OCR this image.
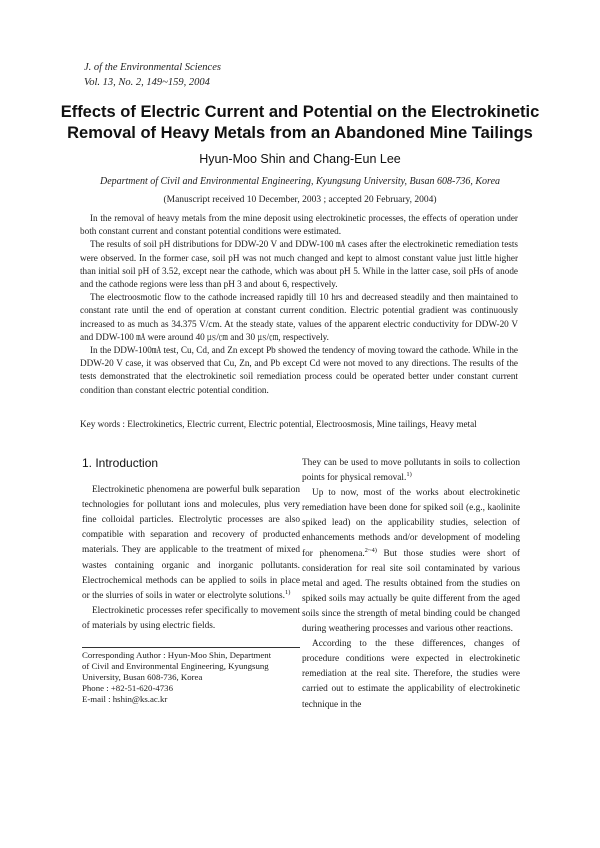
J. of the Environmental Sciences
Vol. 13, No. 2, 149~159, 2004
Effects of Electric Current and Potential on the Electrokinetic
Removal of Heavy Metals from an Abandoned Mine Tailings
Hyun-Moo Shin and Chang-Eun Lee
Department of Civil and Environmental Engineering, Kyungsung University, Busan 608-736, Korea
(Manuscript received 10 December, 2003 ; accepted 20 February, 2004)

In the removal of heavy metals from the mine deposit using electrokinetic processes, the effects of operation under both constant current and constant potential conditions were estimated.

The results of soil pH distributions for DDW-20 V and DDW-100 ㎃ cases after the electrokinetic remediation tests were observed. In the former case, soil pH was not much changed and kept to almost constant value just little higher than initial soil pH of 3.52, except near the cathode, which was about pH 5. While in the latter case, soil pHs of anode and the cathode regions were less than pH 3 and about 6, respectively.

The electroosmotic flow to the cathode increased rapidly till 10 hrs and decreased steadily and then maintained to constant rate until the end of operation at constant current condition. Electric potential gradient was continuously increased to as much as 34.375 V/cm. At the steady state, values of the apparent electric conductivity for DDW-20 V and DDW-100 ㎃ were around 40 ㎲/㎝ and 30 ㎲/㎝, respectively.

In the DDW-100㎃ test, Cu, Cd, and Zn except Pb showed the tendency of moving toward the cathode. While in the DDW-20 V case, it was observed that Cu, Zn, and Pb except Cd were not moved to any directions. The results of the tests demonstrated that the electrokinetic soil remediation process could be operated better under constant current condition than constant electric potential condition.

Key words : Electrokinetics, Electric current, Electric potential, Electroosmosis, Mine tailings, Heavy metal
1. Introduction

Electrokinetic phenomena are powerful bulk separation technologies for pollutant ions and molecules, plus very fine colloidal particles. Electrolytic processes are also compatible with separation and recovery of producted materials. They are applicable to the treatment of mixed wastes containing organic and inorganic pollutants. Electrochemical methods can be applied to soils in place or the slurries of soils in water or electrolyte solutions.$^{1)}$

Electrokinetic processes refer specifically to movement of materials by using electric fields.

They can be used to move pollutants in soils to collection points for physical removal.$^{1)}$

Up to now, most of the works about electrokinetic remediation have been done for spiked soil (e.g., kaolinite spiked lead) on the applicability studies, selection of enhancements methods and/or development of modeling for phenomena.$^{2\sim 4)}$ But those studies were short of consideration for real site soil contaminated by various metal and aged. The results obtained from the studies on spiked soils may actually be quite different from the aged soils since the strength of metal binding could be changed during weathering processes and various other reactions.

According to the these differences, changes of procedure conditions were expected in electrokinetic remediation at the real site. Therefore, the studies were carried out to estimate the applicability of electrokinetic technique in the

Corresponding Author : Hyun-Moo Shin, Department
of Civil and Environmental Engineering, Kyungsung
University, Busan 608-736, Korea
Phone : +82-51-620-4736
E-mail : hshin@ks.ac.kr
